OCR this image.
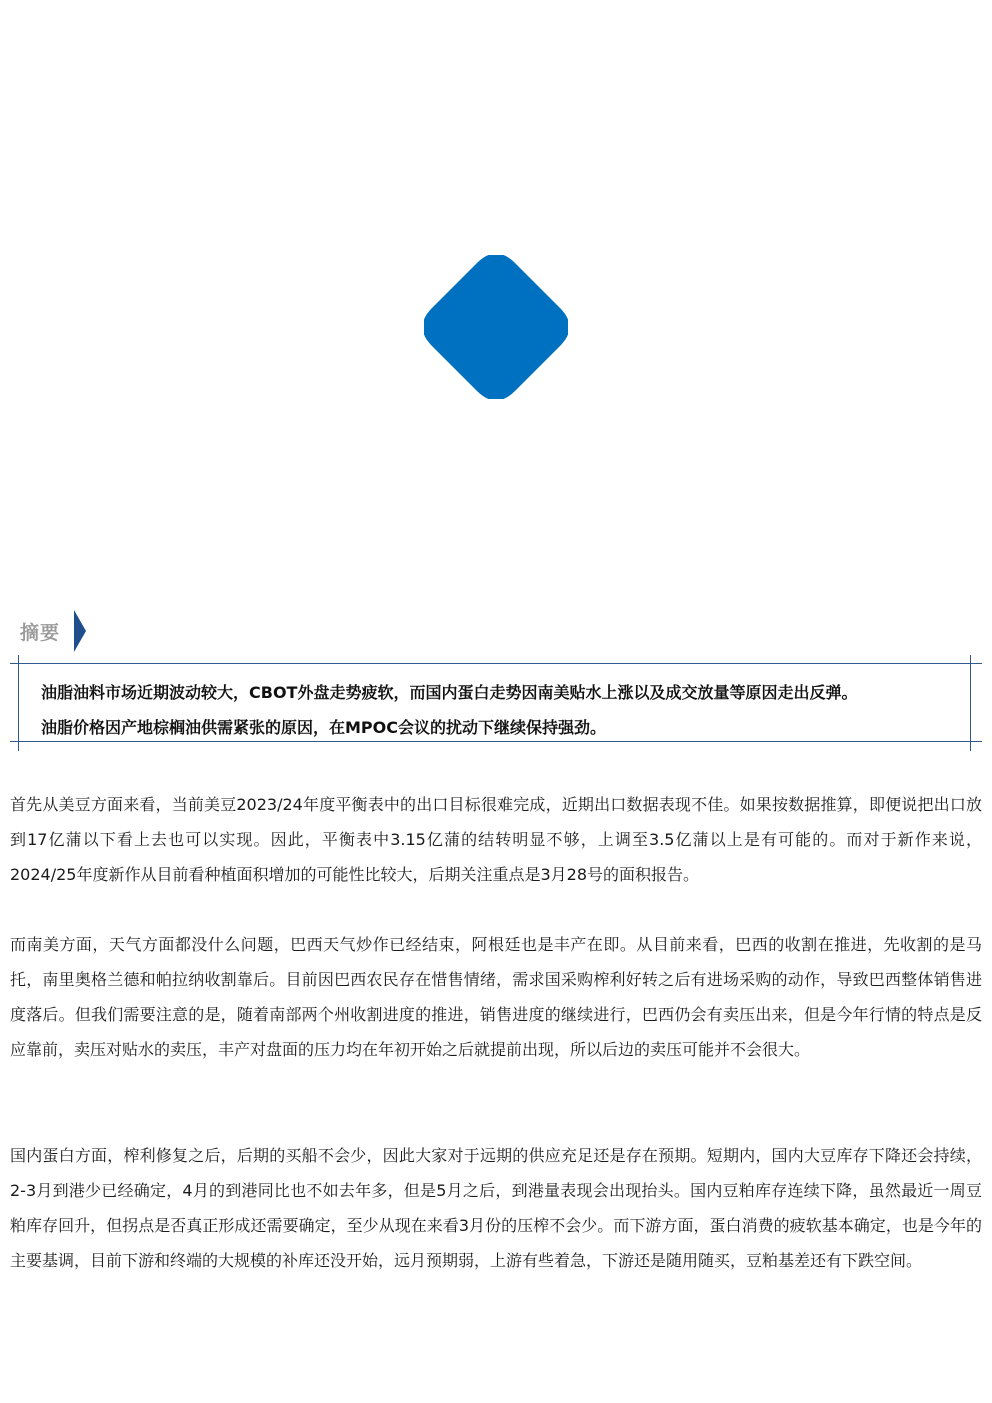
摘要
油脂油料市场近期波动较大，CBOT外盘走势疲软，而国内蛋白走势因南美贴水上涨以及成交放量等原因走出反弹。
油脂价格因产地棕榈油供需紧张的原因，在MPOC会议的扰动下继续保持强劲。

首先从美豆方面来看，当前美豆2023/24年度平衡表中的出口目标很难完成，近期出口数据表现不佳。如果按数据推算，即便说把出口放到17亿蒲以下看上去也可以实现。因此，平衡表中3.15亿蒲的结转明显不够，上调至3.5亿蒲以上是有可能的。而对于新作来说，2024/25年度新作从目前看种植面积增加的可能性比较大，后期关注重点是3月28号的面积报告。

而南美方面，天气方面都没什么问题，巴西天气炒作已经结束，阿根廷也是丰产在即。从目前来看，巴西的收割在推进，先收割的是马托，南里奥格兰德和帕拉纳收割靠后。目前因巴西农民存在惜售情绪，需求国采购榨利好转之后有进场采购的动作，导致巴西整体销售进度落后。但我们需要注意的是，随着南部两个州收割进度的推进，销售进度的继续进行，巴西仍会有卖压出来，但是今年行情的特点是反应靠前，卖压对贴水的卖压，丰产对盘面的压力均在年初开始之后就提前出现，所以后边的卖压可能并不会很大。

国内蛋白方面，榨利修复之后，后期的买船不会少，因此大家对于远期的供应充足还是存在预期。短期内，国内大豆库存下降还会持续，2-3月到港少已经确定，4月的到港同比也不如去年多，但是5月之后，到港量表现会出现抬头。国内豆粕库存连续下降，虽然最近一周豆粕库存回升，但拐点是否真正形成还需要确定，至少从现在来看3月份的压榨不会少。而下游方面，蛋白消费的疲软基本确定，也是今年的主要基调，目前下游和终端的大规模的补库还没开始，远月预期弱，上游有些着急，下游还是随用随买，豆粕基差还有下跌空间。
